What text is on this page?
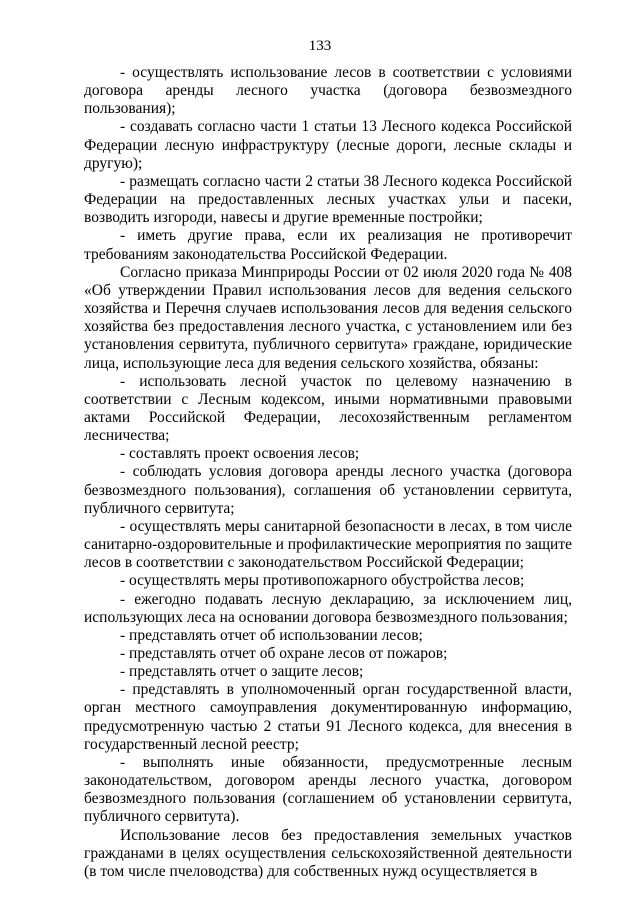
133

- осуществлять использование лесов в соответствии с условиями договора аренды лесного участка (договора безвозмездного пользования);

- создавать согласно части 1 статьи 13 Лесного кодекса Российской Федерации лесную инфраструктуру (лесные дороги, лесные склады и другую);

- размещать согласно части 2 статьи 38 Лесного кодекса Российской Федерации на предоставленных лесных участках ульи и пасеки, возводить изгороди, навесы и другие временные постройки;

- иметь другие права, если их реализация не противоречит требованиям законодательства Российской Федерации.

Согласно приказа Минприроды России от 02 июля 2020 года № 408 «Об утверждении Правил использования лесов для ведения сельского хозяйства и Перечня случаев использования лесов для ведения сельского хозяйства без предоставления лесного участка, с установлением или без установления сервитута, публичного сервитута» граждане, юридические лица, использующие леса для ведения сельского хозяйства, обязаны:

- использовать лесной участок по целевому назначению в соответствии с Лесным кодексом, иными нормативными правовыми актами Российской Федерации, лесохозяйственным регламентом лесничества;

- составлять проект освоения лесов;

- соблюдать условия договора аренды лесного участка (договора безвозмездного пользования), соглашения об установлении сервитута, публичного сервитута;

- осуществлять меры санитарной безопасности в лесах, в том числе санитарно-оздоровительные и профилактические мероприятия по защите лесов в соответствии с законодательством Российской Федерации;

- осуществлять меры противопожарного обустройства лесов;

- ежегодно подавать лесную декларацию, за исключением лиц, использующих леса на основании договора безвозмездного пользования;

- представлять отчет об использовании лесов;

- представлять отчет об охране лесов от пожаров;

- представлять отчет о защите лесов;

- представлять в уполномоченный орган государственной власти, орган местного самоуправления документированную информацию, предусмотренную частью 2 статьи 91 Лесного кодекса, для внесения в государственный лесной реестр;

- выполнять иные обязанности, предусмотренные лесным законодательством, договором аренды лесного участка, договором безвозмездного пользования (соглашением об установлении сервитута, публичного сервитута).

Использование лесов без предоставления земельных участков гражданами в целях осуществления сельскохозяйственной деятельности (в том числе пчеловодства) для собственных нужд осуществляется в
